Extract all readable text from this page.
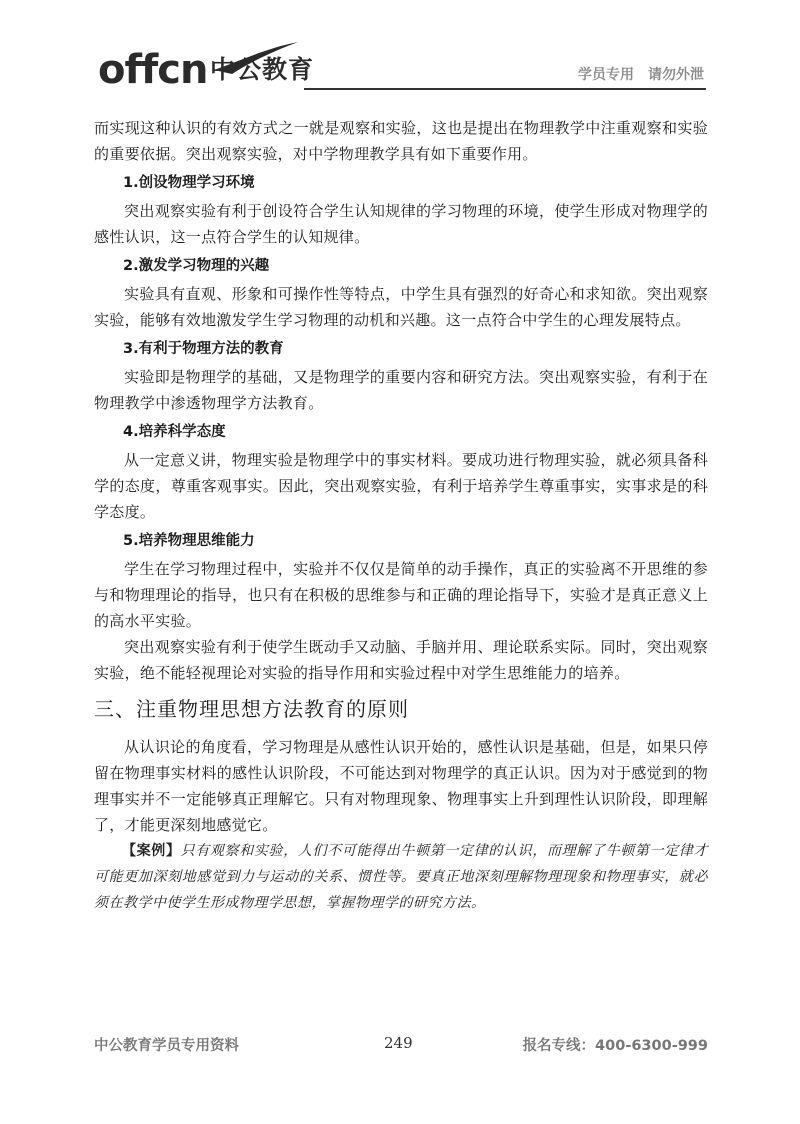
offcn 中公教育	学员专用 请勿外泄

而实现这种认识的有效方式之一就是观察和实验，这也是提出在物理教学中注重观察和实验的重要依据。突出观察实验，对中学物理教学具有如下重要作用。

1.创设物理学习环境

突出观察实验有利于创设符合学生认知规律的学习物理的环境，使学生形成对物理学的感性认识，这一点符合学生的认知规律。

2.激发学习物理的兴趣

实验具有直观、形象和可操作性等特点，中学生具有强烈的好奇心和求知欲。突出观察实验，能够有效地激发学生学习物理的动机和兴趣。这一点符合中学生的心理发展特点。

3.有利于物理方法的教育

实验即是物理学的基础，又是物理学的重要内容和研究方法。突出观察实验，有利于在物理教学中渗透物理学方法教育。

4.培养科学态度

从一定意义讲，物理实验是物理学中的事实材料。要成功进行物理实验，就必须具备科学的态度，尊重客观事实。因此，突出观察实验，有利于培养学生尊重事实，实事求是的科学态度。

5.培养物理思维能力

学生在学习物理过程中，实验并不仅仅是简单的动手操作，真正的实验离不开思维的参与和物理理论的指导，也只有在积极的思维参与和正确的理论指导下，实验才是真正意义上的高水平实验。

突出观察实验有利于使学生既动手又动脑、手脑并用、理论联系实际。同时，突出观察实验，绝不能轻视理论对实验的指导作用和实验过程中对学生思维能力的培养。

三、注重物理思想方法教育的原则

从认识论的角度看，学习物理是从感性认识开始的，感性认识是基础，但是，如果只停留在物理事实材料的感性认识阶段，不可能达到对物理学的真正认识。因为对于感觉到的物理事实并不一定能够真正理解它。只有对物理现象、物理事实上升到理性认识阶段，即理解了，才能更深刻地感觉它。

【案例】只有观察和实验，人们不可能得出牛顿第一定律的认识，而理解了牛顿第一定律才可能更加深刻地感觉到力与运动的关系、惯性等。要真正地深刻理解物理现象和物理事实，就必须在教学中使学生形成物理学思想，掌握物理学的研究方法。

中公教育学员专用资料	249	报名专线：400-6300-999
